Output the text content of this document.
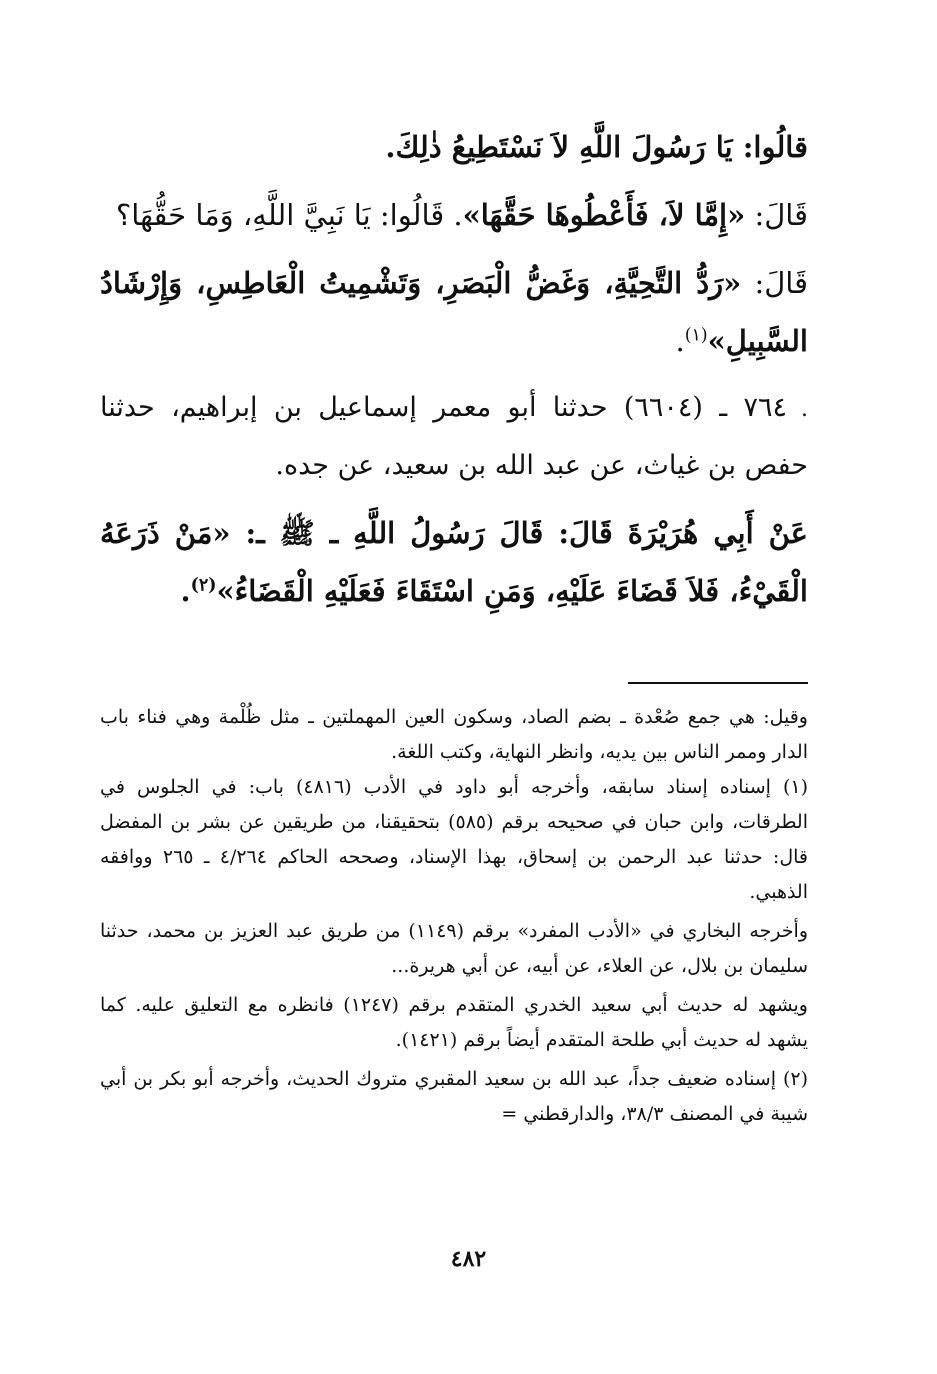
قالُوا: يَا رَسُولَ اللَّهِ لاَ نَسْتَطِيعُ ذٰلِكَ.

قَالَ: «إِمَّا لاَ، فَأَعْطُوهَا حَقَّهَا». قَالُوا: يَا نَبِيَّ اللَّهِ، وَمَا حَقُّهَا؟

قَالَ: «رَدُّ التَّحِيَّةِ، وَغَضُّ الْبَصَرِ، وَتَشْمِيتُ الْعَاطِسِ، وَإِرْشَادُ السَّبِيلِ»$^{(١)}$.

.٧٦٤ ـ (٦٦٠٤) حدثنا أبو معمر إسماعيل بن إبراهيم، حدثنا حفص بن غياث، عن عبد الله بن سعيد، عن جده.

عَنْ أَبِي هُرَيْرَةَ قَالَ: قَالَ رَسُولُ اللَّهِ ـ ﷺ ـ: «مَنْ ذَرَعَهُ الْقَيْءُ، فَلاَ قَضَاءَ عَلَيْهِ، وَمَنِ اسْتَقَاءَ فَعَلَيْهِ الْقَضَاءُ»$^{(٢)}$.

وقيل: هي جمع صُعْدة ـ بضم الصاد، وسكون العين المهملتين ـ مثل ظُلْمة وهي فناء باب الدار وممر الناس بين يديه، وانظر النهاية، وكتب اللغة.

(١) إسناده إسناد سابقه، وأخرجه أبو داود في الأدب (٤٨١٦) باب: في الجلوس في الطرقات، وابن حبان في صحيحه برقم (٥٨٥) بتحقيقنا، من طريقين عن بشر بن المفضل قال: حدثنا عبد الرحمن بن إسحاق، بهذا الإسناد، وصححه الحاكم ٤/٢٦٤ ـ ٢٦٥ ووافقه الذهبي.

وأخرجه البخاري في «الأدب المفرد» برقم (١١٤٩) من طريق عبد العزيز بن محمد، حدثنا سليمان بن بلال، عن العلاء، عن أبيه، عن أبي هريرة...

ويشهد له حديث أبي سعيد الخدري المتقدم برقم (١٢٤٧) فانظره مع التعليق عليه. كما يشهد له حديث أبي طلحة المتقدم أيضاً برقم (١٤٢١).

(٢) إسناده ضعيف جداً، عبد الله بن سعيد المقبري متروك الحديث، وأخرجه أبو بكر بن أبي شيبة في المصنف ٣٨/٣، والدارقطني =

٤٨٢
